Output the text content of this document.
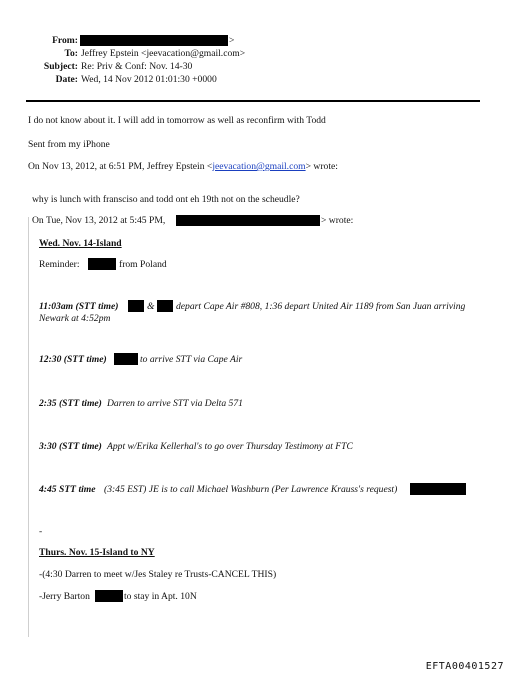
From:	>
To: Jeffrey Epstein <jeevacation@gmail.com>
Subject: Re: Priv & Conf: Nov. 14-30
Date: Wed, 14 Nov 2012 01:01:30 +0000
I do not know about it. I will add in tomorrow as well as reconfirm with Todd
Sent from my iPhone
On Nov 13, 2012, at 6:51 PM, Jeffrey Epstein <jeevacation@gmail.com> wrote:
why is lunch with fransciso and todd ont eh 19th not on the scheudle?
On Tue, Nov 13, 2012 at 5:45 PM,	> wrote:
Wed. Nov. 14-Island
Reminder:	from Poland
11:03am (STT time)	& depart Cape Air #808, 1:36 depart United Air 1189 from San Juan arriving
Newark at 4:52pm
12:30 (STT time)	to arrive STT via Cape Air
2:35 (STT time) Darren to arrive STT via Delta 571
3:30 (STT time) Appt w/Erika Kellerhal's to go over Thursday Testimony at FTC
4:45 STT time (3:45 EST) JE is to call Michael Washburn (Per Lawrence Krauss's request)
-
Thurs. Nov. 15-Island to NY
-(4:30 Darren to meet w/Jes Staley re Trusts-CANCEL THIS)
-Jerry Barton	to stay in Apt. 10N
EFTA00401527
